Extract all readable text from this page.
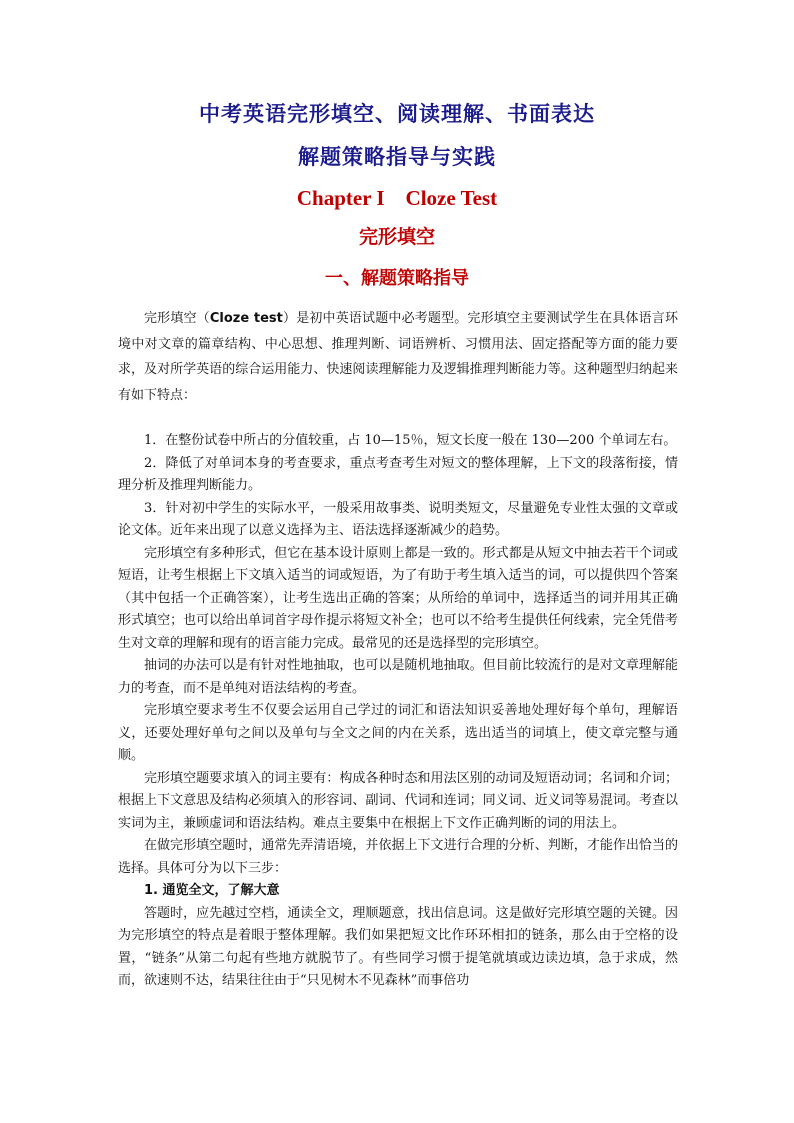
中考英语完形填空、阅读理解、书面表达
解题策略指导与实践
Chapter I    Cloze Test
完形填空
一、解题策略指导

完形填空（Cloze test）是初中英语试题中必考题型。完形填空主要测试学生在具体语言环境中对文章的篇章结构、中心思想、推理判断、词语辨析、习惯用法、固定搭配等方面的能力要求，及对所学英语的综合运用能力、快速阅读理解能力及逻辑推理判断能力等。这种题型归纳起来有如下特点：

1．在整份试卷中所占的分值较重，占 10—15％，短文长度一般在 130—200 个单词左右。

2．降低了对单词本身的考查要求，重点考查考生对短文的整体理解，上下文的段落衔接，情理分析及推理判断能力。

3．针对初中学生的实际水平，一般采用故事类、说明类短文，尽量避免专业性太强的文章或论文体。近年来出现了以意义选择为主、语法选择逐渐减少的趋势。

完形填空有多种形式，但它在基本设计原则上都是一致的。形式都是从短文中抽去若干个词或短语，让考生根据上下文填入适当的词或短语，为了有助于考生填入适当的词，可以提供四个答案（其中包括一个正确答案），让考生选出正确的答案；从所给的单词中，选择适当的词并用其正确形式填空；也可以给出单词首字母作提示将短文补全；也可以不给考生提供任何线索，完全凭借考生对文章的理解和现有的语言能力完成。最常见的还是选择型的完形填空。

抽词的办法可以是有针对性地抽取，也可以是随机地抽取。但目前比较流行的是对文章理解能力的考查，而不是单纯对语法结构的考查。

完形填空要求考生不仅要会运用自己学过的词汇和语法知识妥善地处理好每个单句，理解语义，还要处理好单句之间以及单句与全文之间的内在关系，选出适当的词填上，使文章完整与通顺。

完形填空题要求填入的词主要有：构成各种时态和用法区别的动词及短语动词；名词和介词；根据上下文意思及结构必须填入的形容词、副词、代词和连词；同义词、近义词等易混词。考查以实词为主，兼顾虚词和语法结构。难点主要集中在根据上下文作正确判断的词的用法上。

在做完形填空题时，通常先弄清语境，并依据上下文进行合理的分析、判断，才能作出恰当的选择。具体可分为以下三步：

1. 通览全文，了解大意

答题时，应先越过空档，通读全文，理顺题意，找出信息词。这是做好完形填空题的关键。因为完形填空的特点是着眼于整体理解。我们如果把短文比作环环相扣的链条，那么由于空格的设置，“链条”从第二句起有些地方就脱节了。有些同学习惯于提笔就填或边读边填，急于求成，然而，欲速则不达，结果往往由于“只见树木不见森林”而事倍功
